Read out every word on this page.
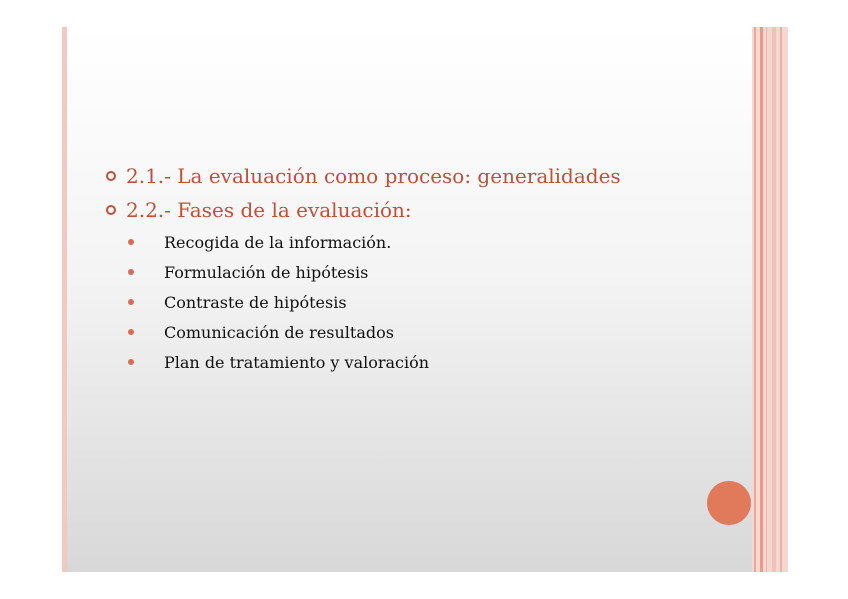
2.1.- La evaluación como proceso: generalidades
2.2.- Fases de la evaluación:
Recogida de la información.
Formulación de hipótesis
Contraste de hipótesis
Comunicación de resultados
Plan de tratamiento y valoración
